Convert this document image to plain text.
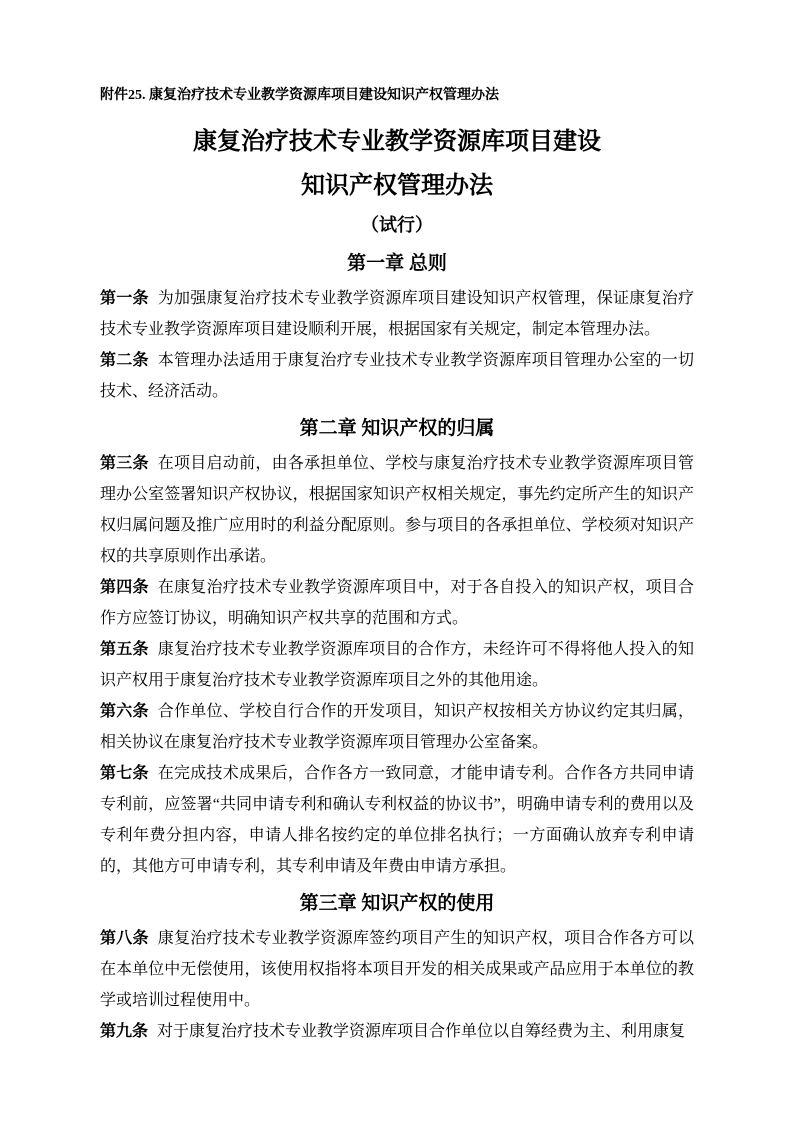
附件25. 康复治疗技术专业教学资源库项目建设知识产权管理办法

康复治疗技术专业教学资源库项目建设
知识产权管理办法
（试行）
第一章 总则

第一条 为加强康复治疗技术专业教学资源库项目建设知识产权管理，保证康复治疗技术专业教学资源库项目建设顺利开展，根据国家有关规定，制定本管理办法。

第二条 本管理办法适用于康复治疗专业技术专业教学资源库项目管理办公室的一切技术、经济活动。

第二章 知识产权的归属

第三条 在项目启动前，由各承担单位、学校与康复治疗技术专业教学资源库项目管理办公室签署知识产权协议，根据国家知识产权相关规定，事先约定所产生的知识产权归属问题及推广应用时的利益分配原则。参与项目的各承担单位、学校须对知识产权的共享原则作出承诺。

第四条 在康复治疗技术专业教学资源库项目中，对于各自投入的知识产权，项目合作方应签订协议，明确知识产权共享的范围和方式。

第五条 康复治疗技术专业教学资源库项目的合作方，未经许可不得将他人投入的知识产权用于康复治疗技术专业教学资源库项目之外的其他用途。

第六条 合作单位、学校自行合作的开发项目，知识产权按相关方协议约定其归属，相关协议在康复治疗技术专业教学资源库项目管理办公室备案。

第七条 在完成技术成果后，合作各方一致同意，才能申请专利。合作各方共同申请专利前，应签署“共同申请专利和确认专利权益的协议书”，明确申请专利的费用以及专利年费分担内容，申请人排名按约定的单位排名执行；一方面确认放弃专利申请的，其他方可申请专利，其专利申请及年费由申请方承担。

第三章 知识产权的使用

第八条 康复治疗技术专业教学资源库签约项目产生的知识产权，项目合作各方可以在本单位中无偿使用，该使用权指将本项目开发的相关成果或产品应用于本单位的教学或培训过程使用中。

第九条 对于康复治疗技术专业教学资源库项目合作单位以自筹经费为主、利用康复
